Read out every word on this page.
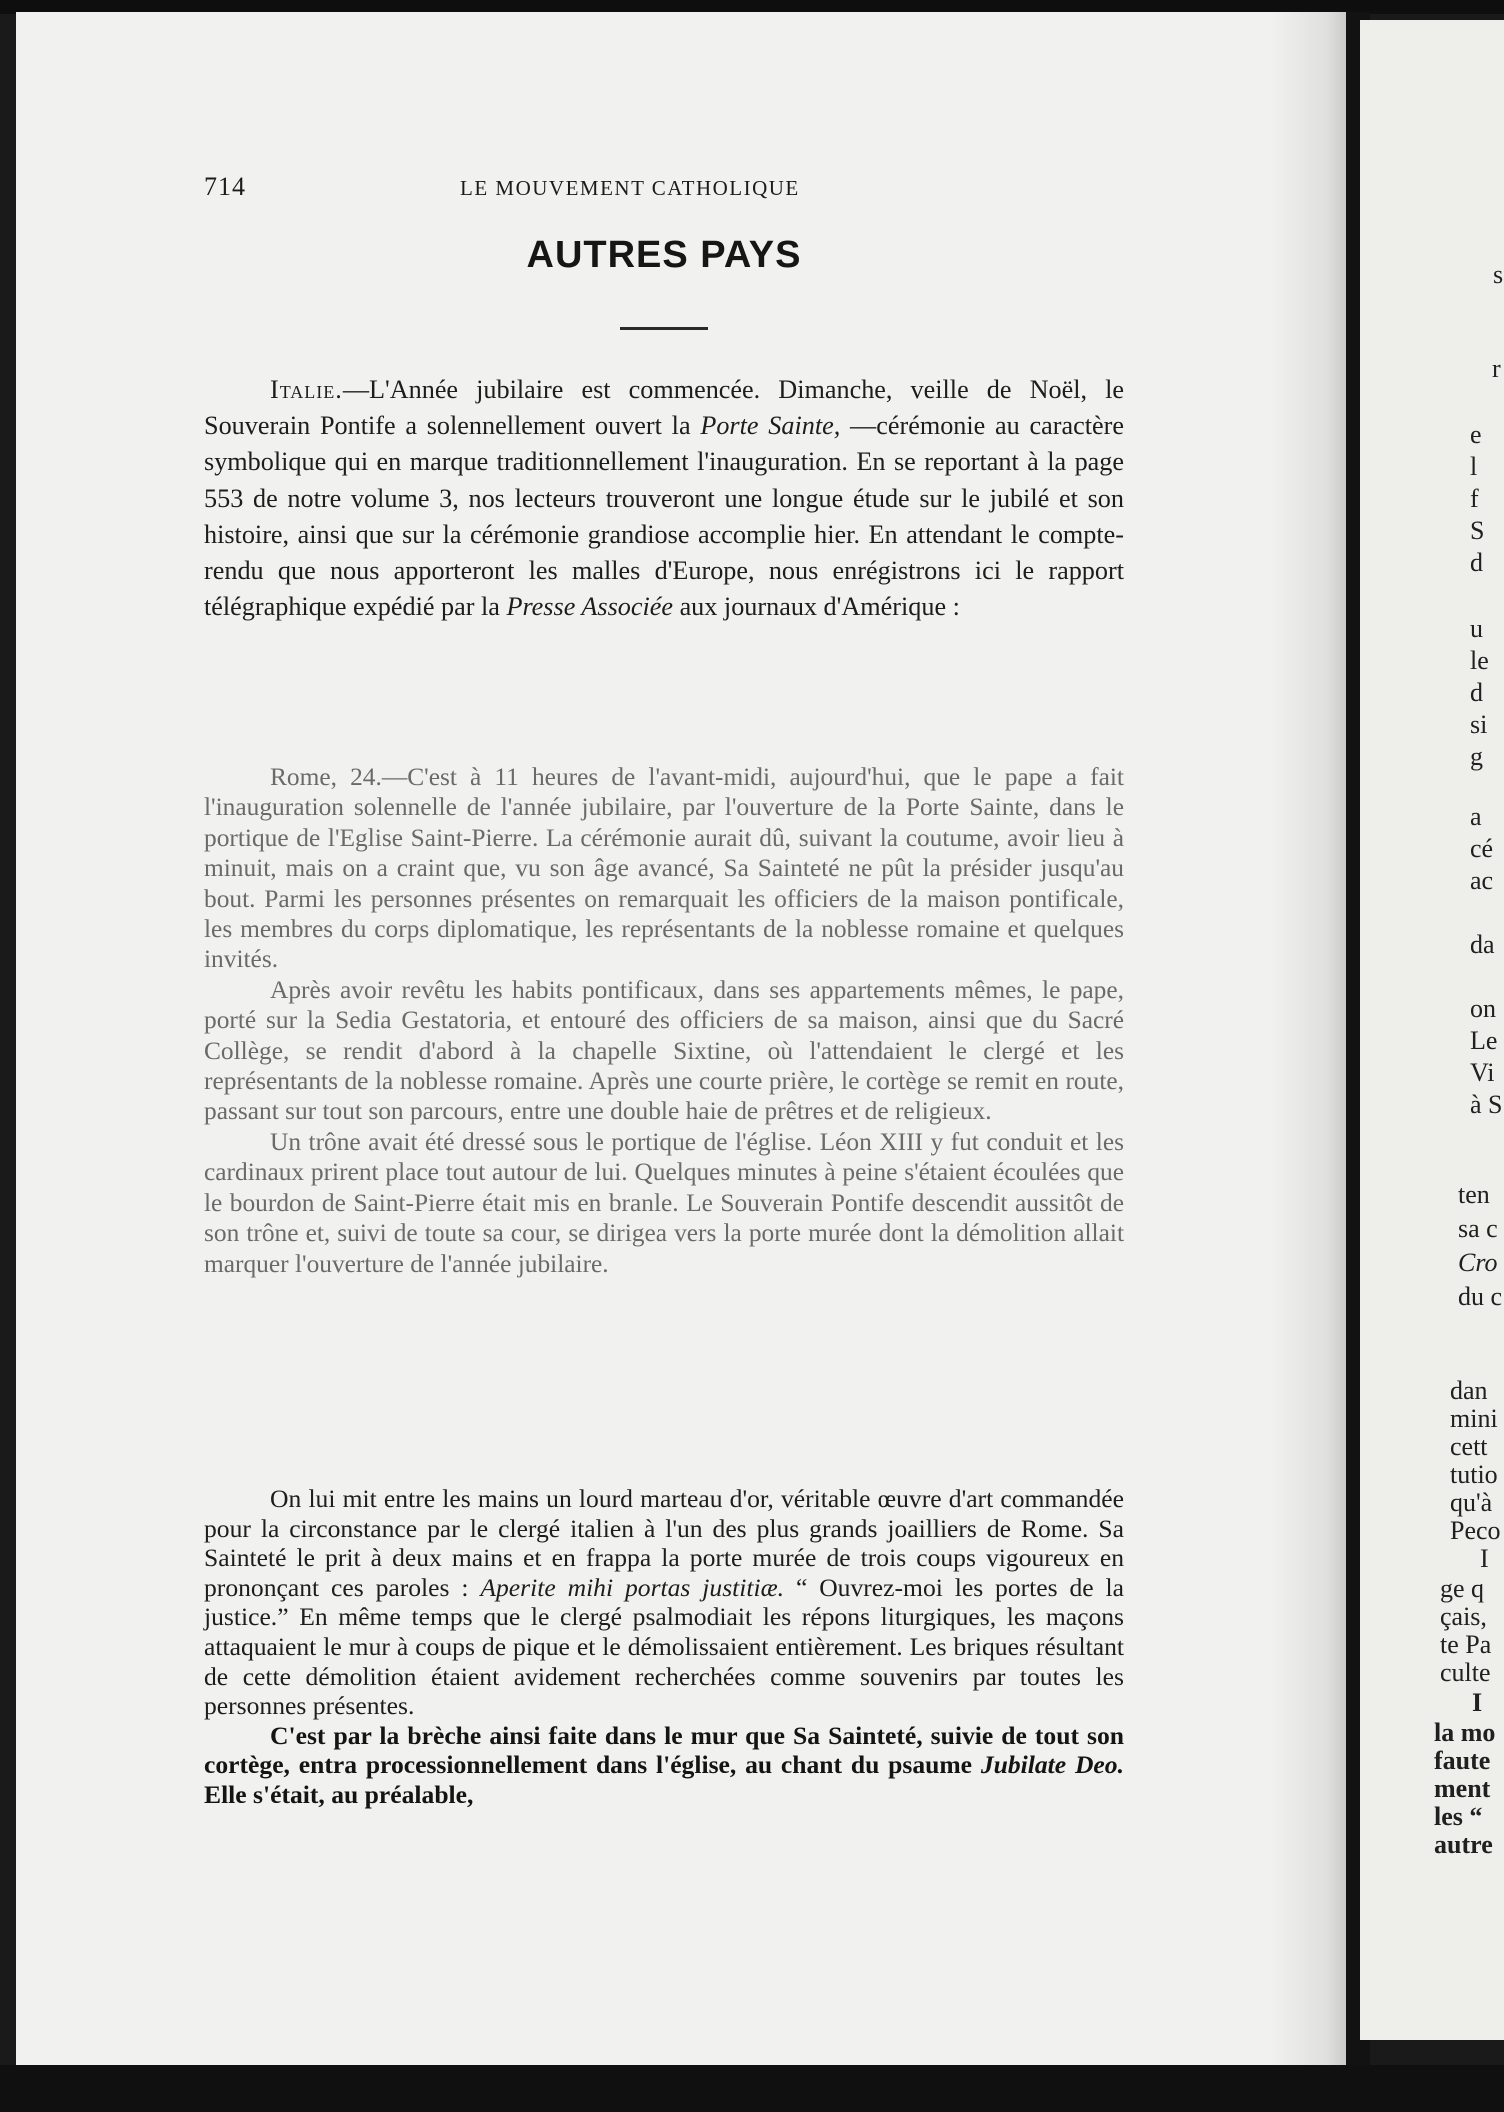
714	LE MOUVEMENT CATHOLIQUE
AUTRES PAYS

Italie.—L'Année jubilaire est commencée. Dimanche, veille de Noël, le Souverain Pontife a solennellement ouvert la Porte Sainte, —cérémonie au caractère symbolique qui en marque traditionnellement l'inauguration. En se reportant à la page 553 de notre volume 3, nos lecteurs trouveront une longue étude sur le jubilé et son histoire, ainsi que sur la cérémonie grandiose accomplie hier. En attendant le compte-rendu que nous apporteront les malles d'Europe, nous enrégistrons ici le rapport télégraphique expédié par la Presse Associée aux journaux d'Amérique :

Rome, 24.—C'est à 11 heures de l'avant-midi, aujourd'hui, que le pape a fait l'inauguration solennelle de l'année jubilaire, par l'ouverture de la Porte Sainte, dans le portique de l'Eglise Saint-Pierre. La cérémonie aurait dû, suivant la coutume, avoir lieu à minuit, mais on a craint que, vu son âge avancé, Sa Sainteté ne pût la présider jusqu'au bout. Parmi les personnes présentes on remarquait les officiers de la maison pontificale, les membres du corps diplomatique, les représentants de la noblesse romaine et quelques invités.

Après avoir revêtu les habits pontificaux, dans ses appartements mêmes, le pape, porté sur la Sedia Gestatoria, et entouré des officiers de sa maison, ainsi que du Sacré Collège, se rendit d'abord à la chapelle Sixtine, où l'attendaient le clergé et les représentants de la noblesse romaine. Après une courte prière, le cortège se remit en route, passant sur tout son parcours, entre une double haie de prêtres et de religieux.

Un trône avait été dressé sous le portique de l'église. Léon XIII y fut conduit et les cardinaux prirent place tout autour de lui. Quelques minutes à peine s'étaient écoulées que le bourdon de Saint-Pierre était mis en branle. Le Souverain Pontife descendit aussitôt de son trône et, suivi de toute sa cour, se dirigea vers la porte murée dont la démolition allait marquer l'ouverture de l'année jubilaire.

On lui mit entre les mains un lourd marteau d'or, véritable œuvre d'art commandée pour la circonstance par le clergé italien à l'un des plus grands joailliers de Rome. Sa Sainteté le prit à deux mains et en frappa la porte murée de trois coups vigoureux en prononçant ces paroles : Aperite mihi portas justitiæ. “ Ouvrez-moi les portes de la justice.” En même temps que le clergé psalmodiait les répons liturgiques, les maçons attaquaient le mur à coups de pique et le démolissaient entièrement. Les briques résultant de cette démolition étaient avidement recherchées comme souvenirs par toutes les personnes présentes.

C'est par la brèche ainsi faite dans le mur que Sa Sainteté, suivie de tout son cortège, entra processionnellement dans l'église, au chant du psaume Jubilate Deo. Elle s'était, au préalable,

s
r
e
l
f
S
d
u
le
d
si
g
a
cé
ac
da
on
Le
Vi
à S
ten
sa c
Cro
du c
dan
mini
cett
tutio
qu'à
Peco
I
ge q
çais,
te Pa
culte
I
la mo
faute
ment
les “
autre
